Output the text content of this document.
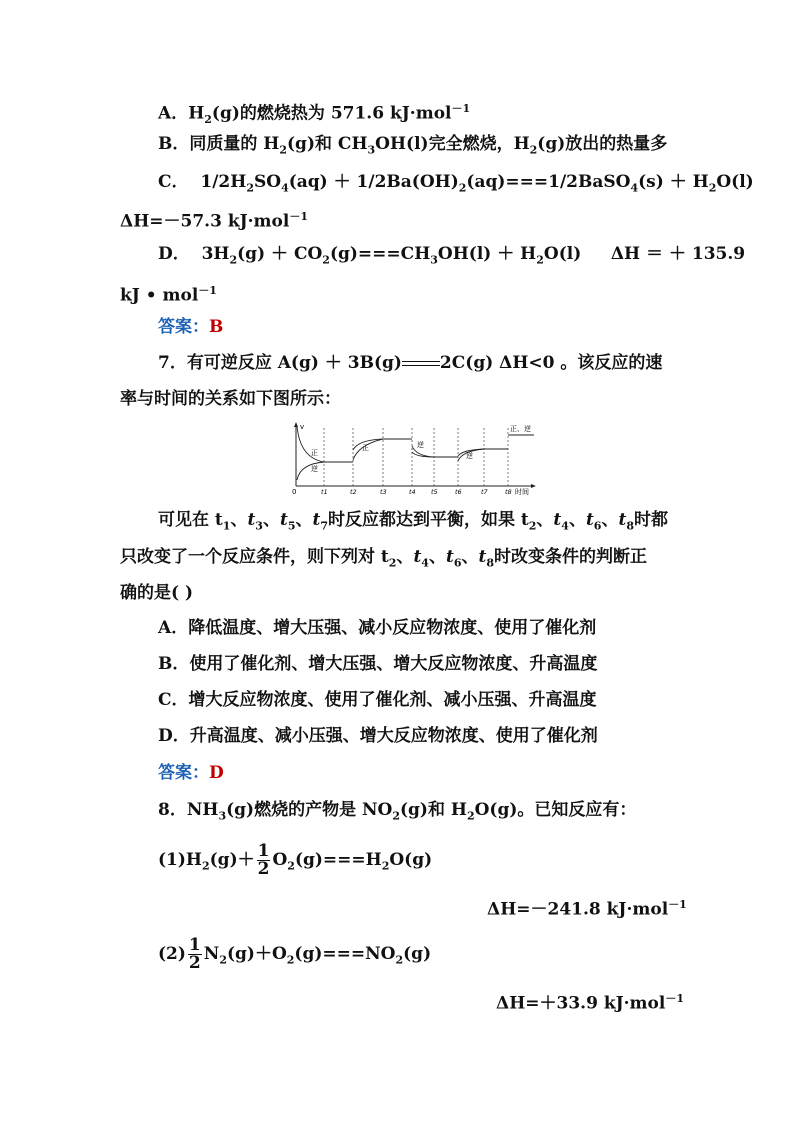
A．$H_2(g)$的燃烧热为 571.6 kJ·mol$^{-1}$
B．同质量的 $H_2(g)$和 $CH_3OH(l)$完全燃烧，$H_2(g)$放出的热量多
C． $1/2H_2SO_4(aq)$ ＋ $1/2Ba(OH)_2(aq)===1/2BaSO_4(s) + H_2O(l)$
ΔH=－57.3 kJ·mol$^{-1}$
D． $3H_2(g) + CO_2(g)===CH_3OH(l) + H_2O(l) \Delta H$ ＝ ＋ 135.9
kJ • mol$^{-1}$
答案：B
7．有可逆反应 A(g) ＋ 3B(g) 2C(g) ΔH<0 。该反应的速
率与时间的关系如下图所示：
v
0	时间
t1	t2	t3	t4 t5	t6	t7	t8
正
逆
正	逆
逆
正、逆
可见在 $t_1$、$t_3$、$t_5$、$t_7$时反应都达到平衡，如果 $t_2$、$t_4$、$t_6$、$t_8$时都
只改变了一个反应条件，则下列对 $t_2$、$t_4$、$t_6$、$t_8$时改变条件的判断正
确的是( )
A．降低温度、增大压强、减小反应物浓度、使用了催化剂
B．使用了催化剂、增大压强、增大反应物浓度、升高温度
C．增大反应物浓度、使用了催化剂、减小压强、升高温度
D．升高温度、减小压强、增大反应物浓度、使用了催化剂
答案：D
8．$NH_3(g)$燃烧的产物是 $NO_2(g)$和 $H_2O(g)$。已知反应有：
$(1)H_2(g)+ \frac{1}{2} O_2(g)===H_2O(g)$
ΔH=－241.8 kJ·mol$^{-1}$
$(2) \frac{1}{2} N_2(g)+O_2(g)===NO_2(g)$
ΔH=＋33.9 kJ·mol$^{-1}$
